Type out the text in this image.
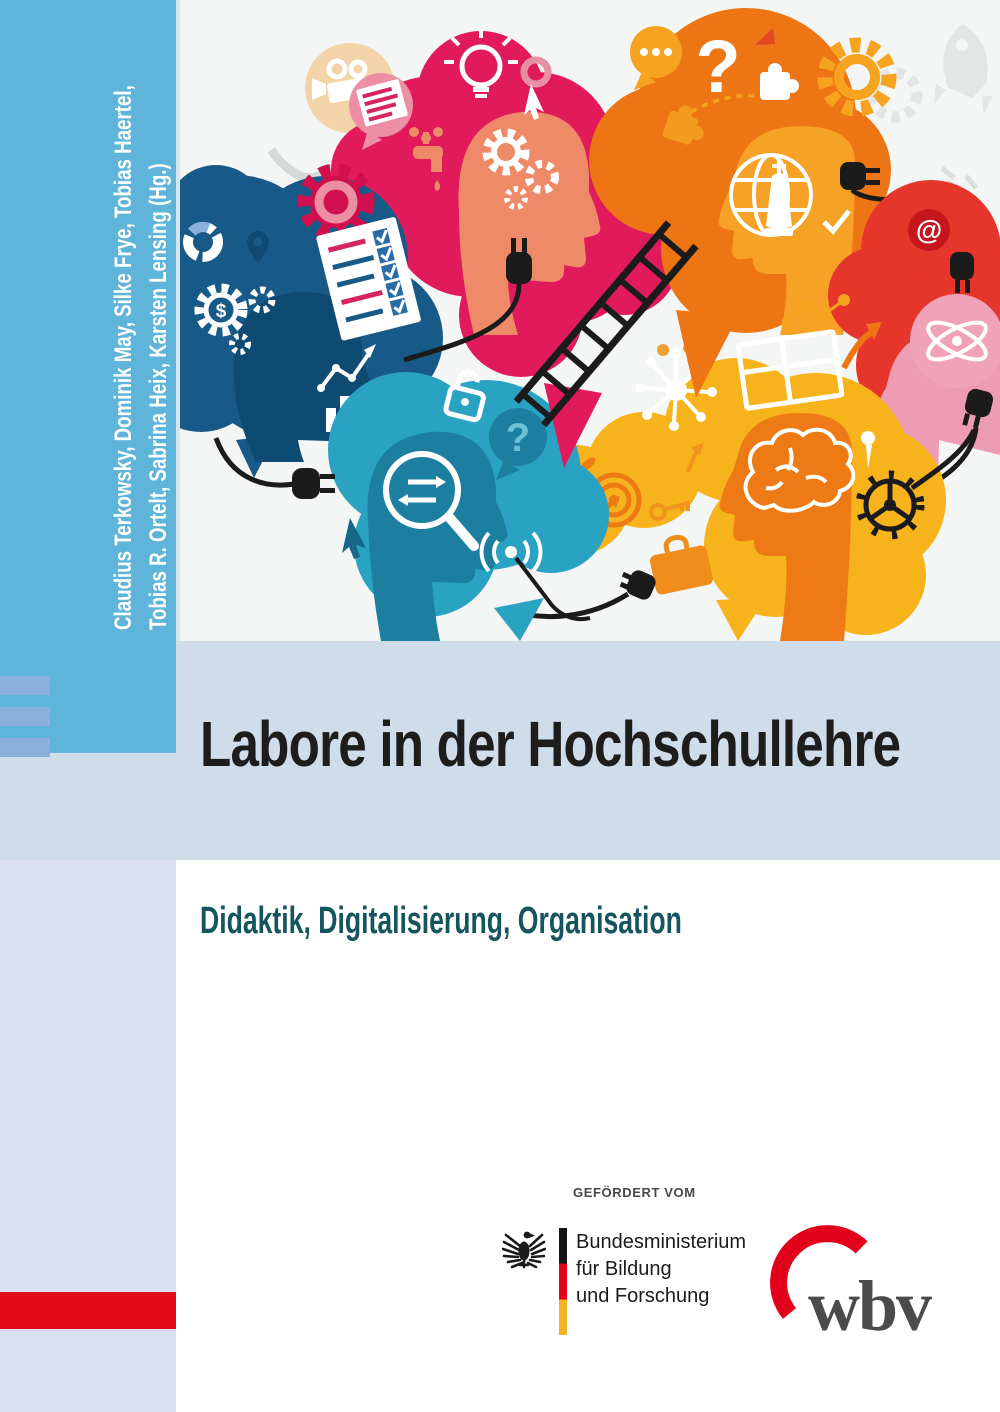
$
?
@
?
Claudius Terkowsky, Dominik May, Silke Frye, Tobias Haertel, Tobias R. Ortelt, Sabrina Heix, Karsten Lensing (Hg.)
Labore in der Hochschullehre
Didaktik, Digitalisierung, Organisation
GEFÖRDERT VOM
Bundesministerium
für Bildung
und Forschung	wbv
